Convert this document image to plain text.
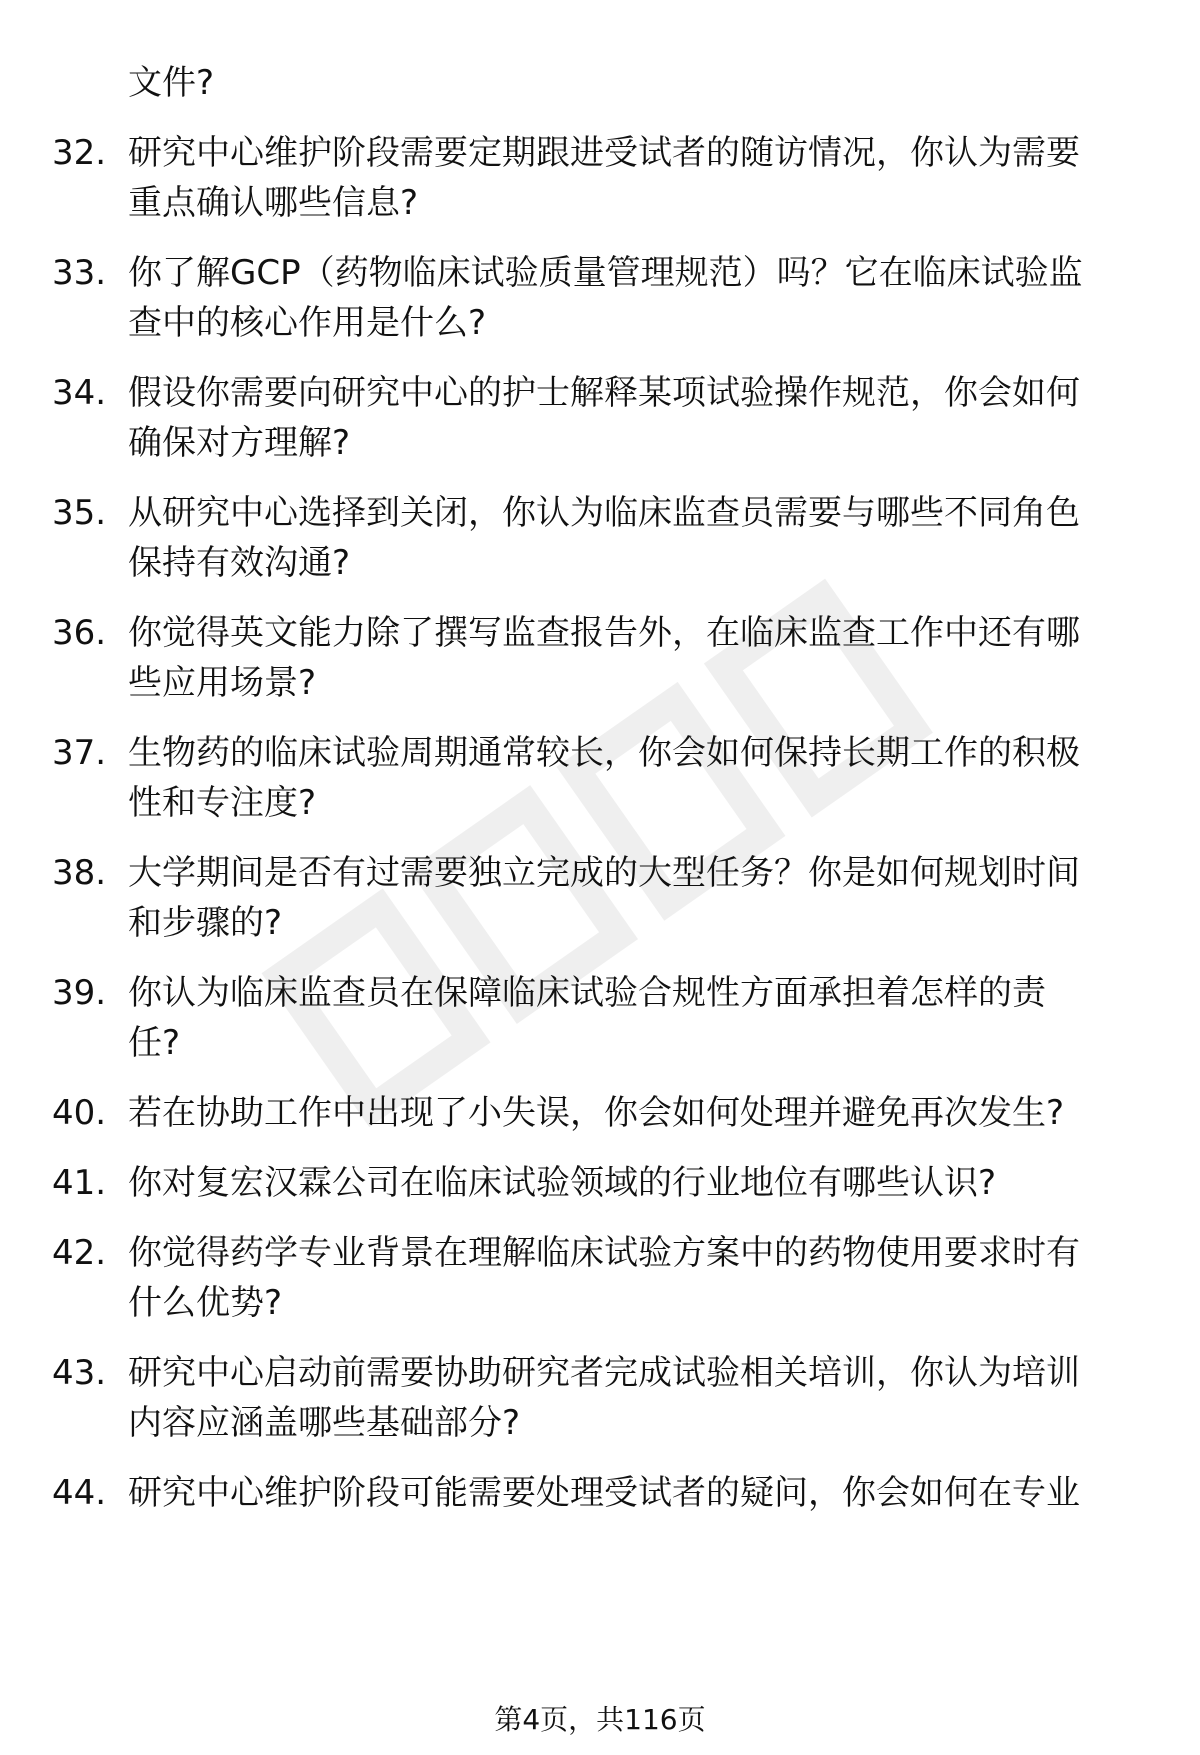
文件?
32. 研究中心维护阶段需要定期跟进受试者的随访情况，你认为需要
重点确认哪些信息?
33. 你了解GCP（药物临床试验质量管理规范）吗？它在临床试验监
查中的核心作用是什么?
34. 假设你需要向研究中心的护士解释某项试验操作规范，你会如何
确保对方理解?
35. 从研究中心选择到关闭，你认为临床监查员需要与哪些不同角色
保持有效沟通?
36. 你觉得英文能力除了撰写监查报告外，在临床监查工作中还有哪
些应用场景?
37. 生物药的临床试验周期通常较长，你会如何保持长期工作的积极
性和专注度?
38. 大学期间是否有过需要独立完成的大型任务？你是如何规划时间
和步骤的?
39. 你认为临床监查员在保障临床试验合规性方面承担着怎样的责
任?
40. 若在协助工作中出现了小失误，你会如何处理并避免再次发生?
41. 你对复宏汉霖公司在临床试验领域的行业地位有哪些认识?
42. 你觉得药学专业背景在理解临床试验方案中的药物使用要求时有
什么优势?
43. 研究中心启动前需要协助研究者完成试验相关培训，你认为培训
内容应涵盖哪些基础部分?
44. 研究中心维护阶段可能需要处理受试者的疑问，你会如何在专业
第4页，共116页
